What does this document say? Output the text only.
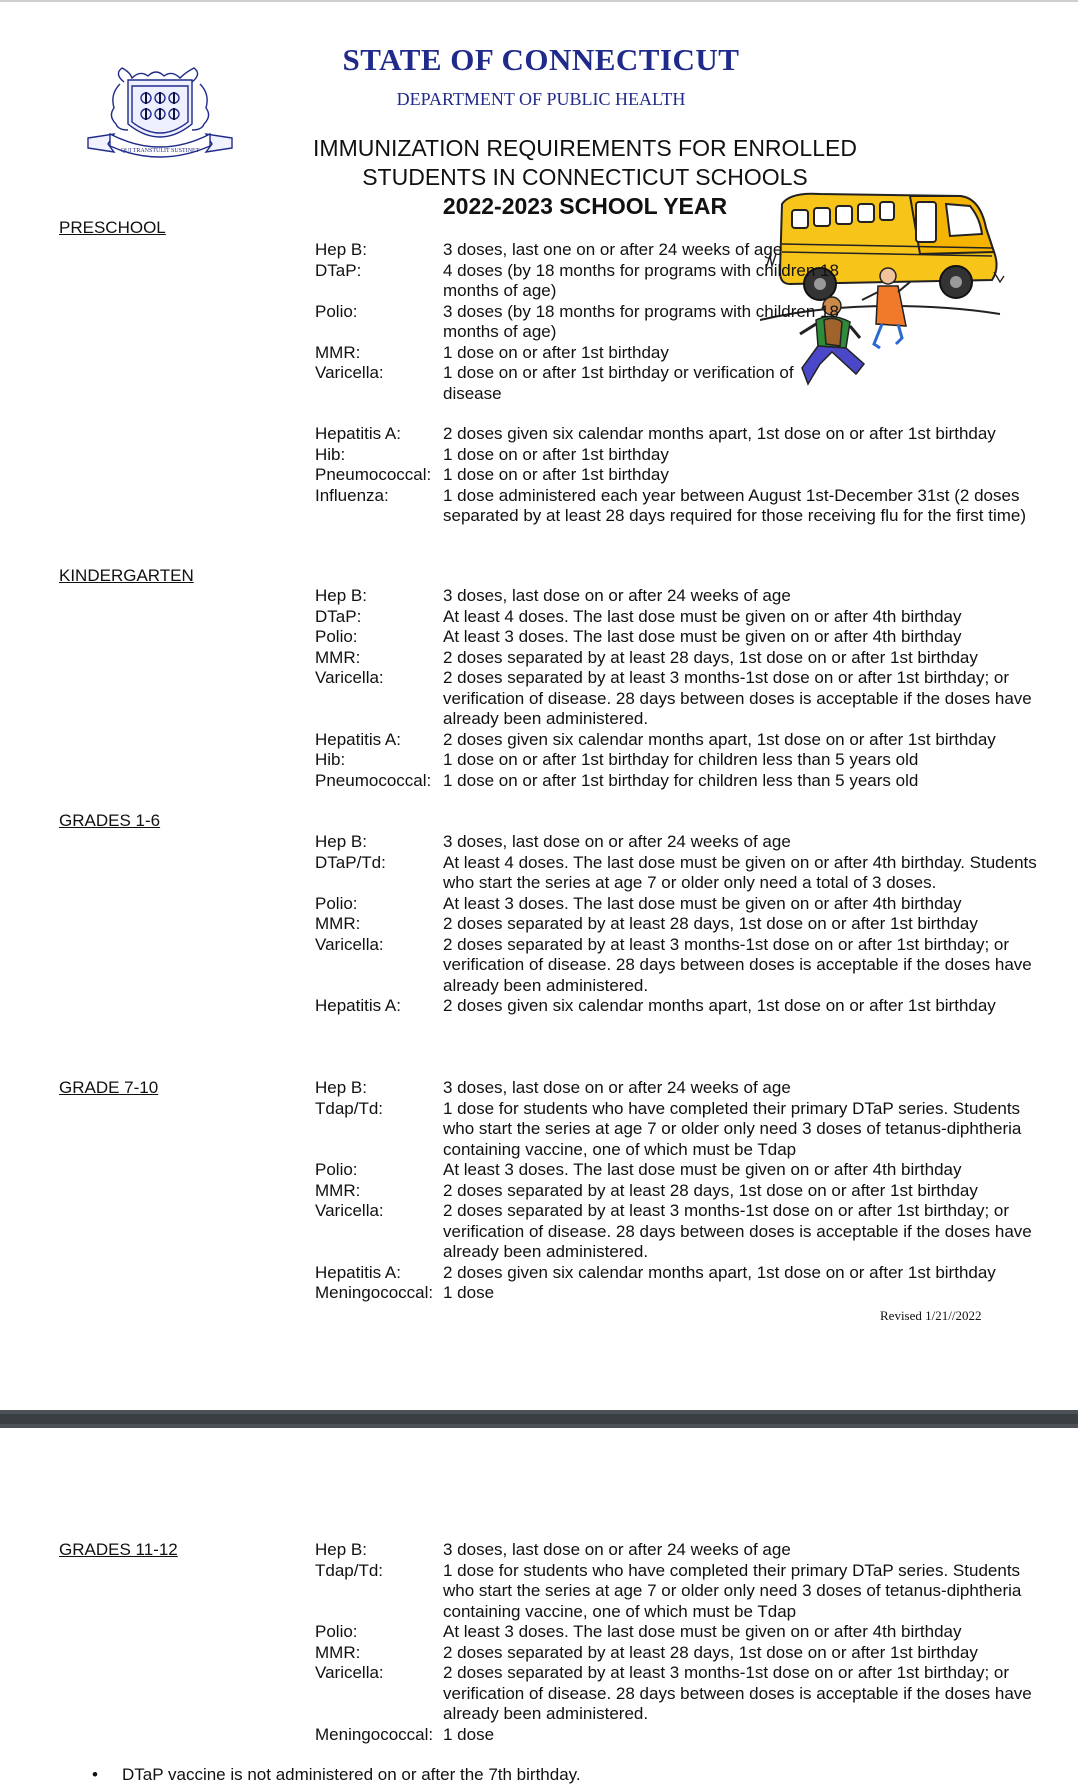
QUI TRANSTULIT SUSTINET
STATE OF CONNECTICUT
DEPARTMENT OF PUBLIC HEALTH
IMMUNIZATION REQUIREMENTS FOR ENROLLED
STUDENTS IN CONNECTICUT SCHOOLS
2022-2023 SCHOOL YEAR
PRESCHOOL
Hep B:	3 doses, last one on or after 24 weeks of age
DTaP:	4 doses (by 18 months for programs with children 18 months of age)
Polio:	3 doses (by 18 months for programs with children 18 months of age)
MMR:	1 dose on or after 1st birthday
Varicella:	1 dose on or after 1st birthday or verification of disease
Hepatitis A:	2 doses given six calendar months apart, 1st dose on or after 1st birthday
Hib:	1 dose on or after 1st birthday
Pneumococcal: 1 dose on or after 1st birthday
Influenza:	1 dose administered each year between August 1st-December 31st (2 doses separated by at least 28 days required for those receiving flu for the first time)
KINDERGARTEN
Hep B:	3 doses, last dose on or after 24 weeks of age
DTaP:	At least 4 doses. The last dose must be given on or after 4th birthday
Polio:	At least 3 doses. The last dose must be given on or after 4th birthday
MMR:	2 doses separated by at least 28 days, 1st dose on or after 1st birthday
Varicella:	2 doses separated by at least 3 months-1st dose on or after 1st birthday; or verification of disease. 28 days between doses is acceptable if the doses have already been administered.
Hepatitis A:	2 doses given six calendar months apart, 1st dose on or after 1st birthday
Hib:	1 dose on or after 1st birthday for children less than 5 years old
Pneumococcal: 1 dose on or after 1st birthday for children less than 5 years old
GRADES 1-6
Hep B:	3 doses, last dose on or after 24 weeks of age
DTaP/Td:	At least 4 doses. The last dose must be given on or after 4th birthday. Students who start the series at age 7 or older only need a total of 3 doses.
Polio:	At least 3 doses. The last dose must be given on or after 4th birthday
MMR:	2 doses separated by at least 28 days, 1st dose on or after 1st birthday
Varicella:	2 doses separated by at least 3 months-1st dose on or after 1st birthday; or verification of disease. 28 days between doses is acceptable if the doses have already been administered.
Hepatitis A:	2 doses given six calendar months apart, 1st dose on or after 1st birthday
GRADE 7-10	Hep B:	3 doses, last dose on or after 24 weeks of age
Tdap/Td:	1 dose for students who have completed their primary DTaP series. Students who start the series at age 7 or older only need 3 doses of tetanus-diphtheria containing vaccine, one of which must be Tdap
Polio:	At least 3 doses. The last dose must be given on or after 4th birthday
MMR:	2 doses separated by at least 28 days, 1st dose on or after 1st birthday
Varicella:	2 doses separated by at least 3 months-1st dose on or after 1st birthday; or verification of disease. 28 days between doses is acceptable if the doses have already been administered.
Hepatitis A:	2 doses given six calendar months apart, 1st dose on or after 1st birthday
Meningococcal: 1 dose
Revised 1/21//2022
GRADES 11-12	Hep B:	3 doses, last dose on or after 24 weeks of age
Tdap/Td:	1 dose for students who have completed their primary DTaP series. Students who start the series at age 7 or older only need 3 doses of tetanus-diphtheria containing vaccine, one of which must be Tdap
Polio:	At least 3 doses. The last dose must be given on or after 4th birthday
MMR:	2 doses separated by at least 28 days, 1st dose on or after 1st birthday
Varicella:	2 doses separated by at least 3 months-1st dose on or after 1st birthday; or verification of disease. 28 days between doses is acceptable if the doses have already been administered.
Meningococcal: 1 dose
• DTaP vaccine is not administered on or after the 7th birthday.
